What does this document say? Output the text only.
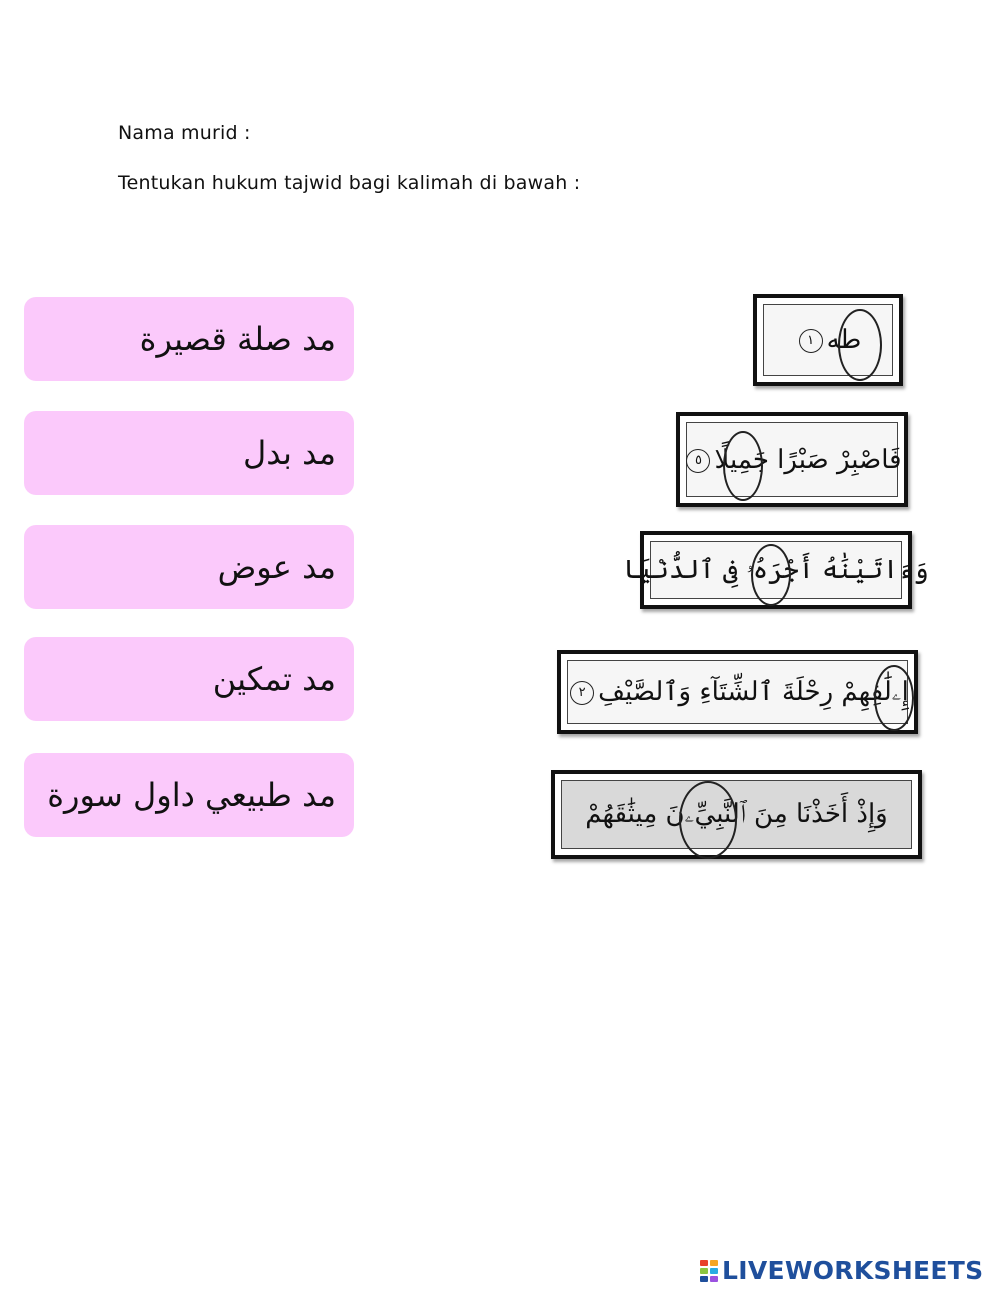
Nama murid :
Tentukan hukum tajwid bagi kalimah di bawah :
مد صلة قصيرة
مد بدل
مد عوض
مد تمكين
مد طبيعي داول سورة
طه١
فَاصْبِرْ صَبْرًا جَمِيلًا٥
وَءَاتَيْنَٰهُ أَجْرَهُۥ فِى ٱلدُّنْيَا
إِۦلَٰفِهِمْ رِحْلَةَ ٱلشِّتَآءِ وَٱلصَّيْفِ٢
وَإِذْ أَخَذْنَا مِنَ ٱلنَّبِيِّۦنَ مِيثَٰقَهُمْ
LIVEWORKSHEETS
